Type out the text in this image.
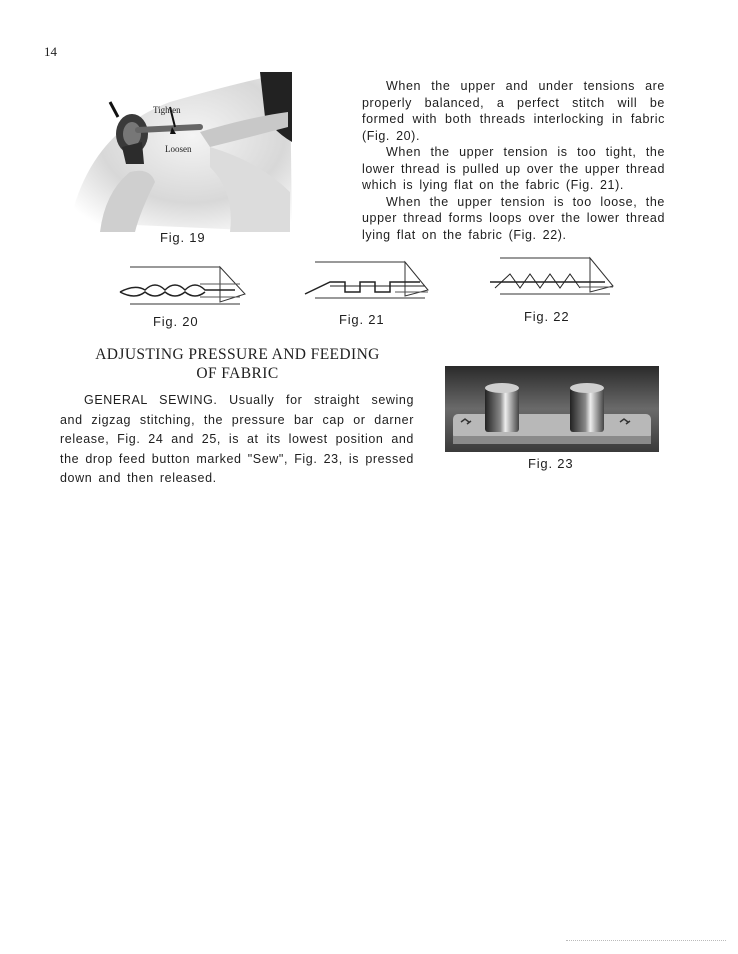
14
Tighten
Loosen
Fig. 19

When the upper and under tensions are properly balanced, a perfect stitch will be formed with both threads interlocking in fabric (Fig. 20).

When the upper tension is too tight, the lower thread is pulled up over the upper thread which is lying flat on the fabric (Fig. 21).

When the upper tension is too loose, the upper thread forms loops over the lower thread lying flat on the fabric (Fig. 22).

Fig. 20	Fig. 21	Fig. 22
ADJUSTING PRESSURE AND FEEDING
OF FABRIC
GENERAL SEWING. Usually for straight sewing and zigzag stitching, the pressure bar cap or darner release, Fig. 24 and 25, is at its lowest position and the drop feed button marked "Sew", Fig. 23, is pressed down and then released.
Fig. 23
